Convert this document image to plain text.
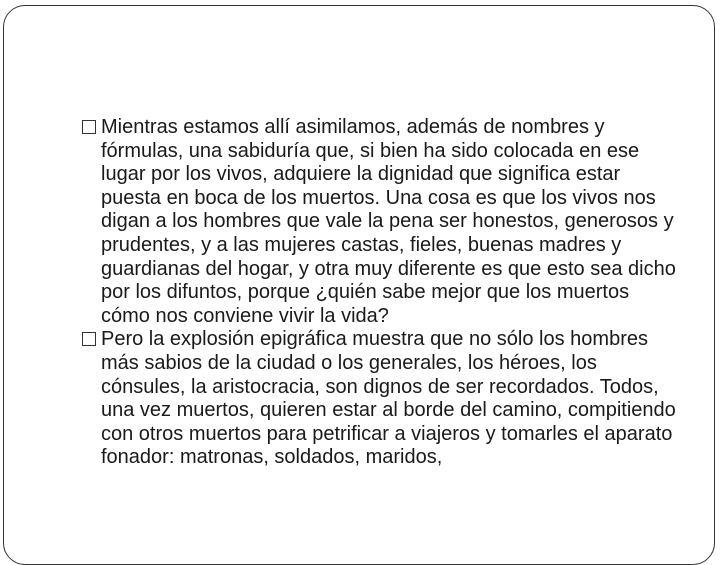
Mientras estamos allí asimilamos, además de nombres y fórmulas, una sabiduría que, si bien ha sido colocada en ese lugar por los vivos, adquiere la dignidad que significa estar puesta en boca de los muertos. Una cosa es que los vivos nos digan a los hombres que vale la pena ser honestos, generosos y prudentes, y a las mujeres castas, fieles, buenas madres y guardianas del hogar, y otra muy diferente es que esto sea dicho por los difuntos, porque ¿quién sabe mejor que los muertos cómo nos conviene vivir la vida?

Pero la explosión epigráfica muestra que no sólo los hombres más sabios de la ciudad o los generales, los héroes, los cónsules, la aristocracia, son dignos de ser recordados. Todos, una vez muertos, quieren estar al borde del camino, compitiendo con otros muertos para petrificar a viajeros y tomarles el aparato fonador: matronas, soldados, maridos,
